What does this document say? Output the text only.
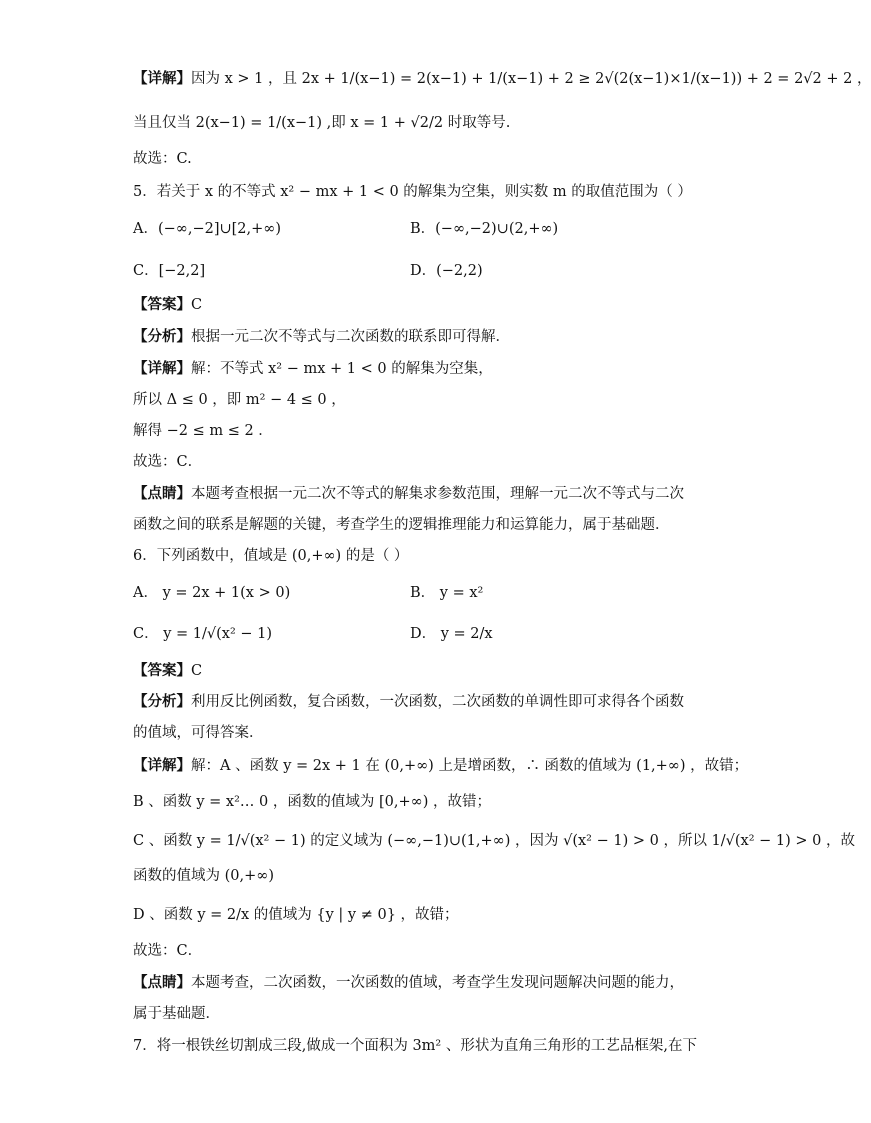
【详解】因为 x > 1 ，且 2x + 1/(x−1) = 2(x−1) + 1/(x−1) + 2 ≥ 2√(2(x−1)×1/(x−1)) + 2 = 2√2 + 2 ，
当且仅当 2(x−1) = 1/(x−1) ,即 x = 1 + √2/2 时取等号.
故选：C.
5．若关于 x 的不等式 x² − mx + 1 < 0 的解集为空集，则实数 m 的取值范围为（ ）
A．(−∞,−2]∪[2,+∞)	B．(−∞,−2)∪(2,+∞)
C．[−2,2]	D．(−2,2)
【答案】C
【分析】根据一元二次不等式与二次函数的联系即可得解．
【详解】解：不等式 x² − mx + 1 < 0 的解集为空集，
所以 Δ ≤ 0 ，即 m² − 4 ≤ 0 ，
解得 −2 ≤ m ≤ 2 ．
故选：C．
【点睛】本题考查根据一元二次不等式的解集求参数范围，理解一元二次不等式与二次
函数之间的联系是解题的关键，考查学生的逻辑推理能力和运算能力，属于基础题．
6．下列函数中，值域是 (0,+∞) 的是（ ）
A． y = 2x + 1(x > 0)	B． y = x²
C． y = 1/√(x² − 1)	D． y = 2/x
【答案】C
【分析】利用反比例函数，复合函数，一次函数，二次函数的单调性即可求得各个函数
的值域，可得答案．
【详解】解：A 、函数 y = 2x + 1 在 (0,+∞) 上是增函数，∴ 函数的值域为 (1,+∞) ，故错；
B 、函数 y = x²… 0 ，函数的值域为 [0,+∞) ，故错；
C 、函数 y = 1/√(x² − 1) 的定义域为 (−∞,−1)∪(1,+∞) ，因为 √(x² − 1) > 0 ，所以 1/√(x² − 1) > 0 ，故
函数的值域为 (0,+∞)
D 、函数 y = 2/x 的值域为 {y | y ≠ 0} ，故错；
故选：C．
【点睛】本题考查，二次函数，一次函数的值域，考查学生发现问题解决问题的能力，
属于基础题．
7．将一根铁丝切割成三段,做成一个面积为 3m² 、形状为直角三角形的工艺品框架,在下
